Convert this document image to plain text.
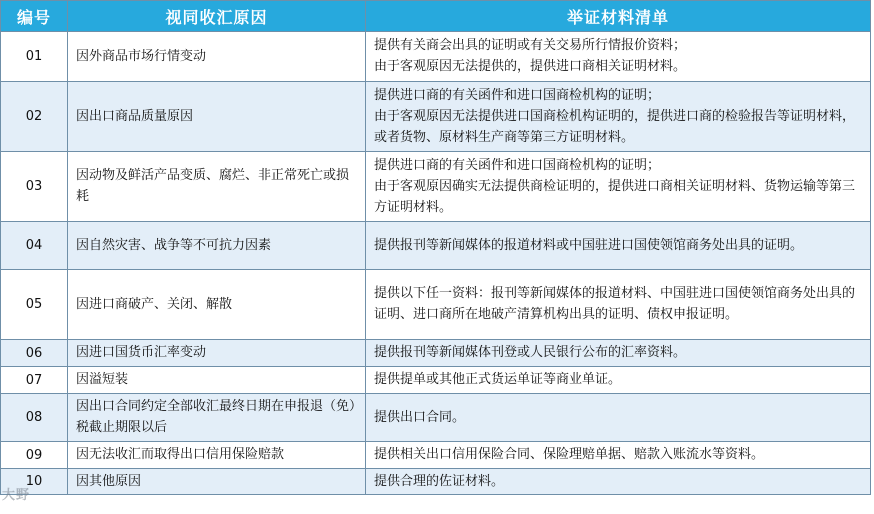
编号	视同收汇原因	举证材料清单
01	因外商品市场行情变动	提供有关商会出具的证明或有关交易所行情报价资料；
由于客观原因无法提供的，提供进口商相关证明材料。

02	因出口商品质量原因	提供进口商的有关函件和进口国商检机构的证明；
由于客观原因无法提供进口国商检机构证明的，提供进口商的检验报告等证明材料，或者货物、原材料生产商等第三方证明材料。

03	因动物及鲜活产品变质、腐烂、非正常死亡或损耗	提供进口商的有关函件和进口国商检机构的证明；
由于客观原因确实无法提供商检证明的，提供进口商相关证明材料、货物运输等第三方证明材料。

04	因自然灾害、战争等不可抗力因素	提供报刊等新闻媒体的报道材料或中国驻进口国使领馆商务处出具的证明。

05	因进口商破产、关闭、解散	提供以下任一资料：报刊等新闻媒体的报道材料、中国驻进口国使领馆商务处出具的证明、进口商所在地破产清算机构出具的证明、债权申报证明。

06	因进口国货币汇率变动	提供报刊等新闻媒体刊登或人民银行公布的汇率资料。

07	因溢短装	提供提单或其他正式货运单证等商业单证。

08	因出口合同约定全部收汇最终日期在申报退（免）税截止期限以后	提供出口合同。

09	因无法收汇而取得出口信用保险赔款	提供相关出口信用保险合同、保险理赔单据、赔款入账流水等资料。

10	因其他原因	提供合理的佐证材料。
大野
